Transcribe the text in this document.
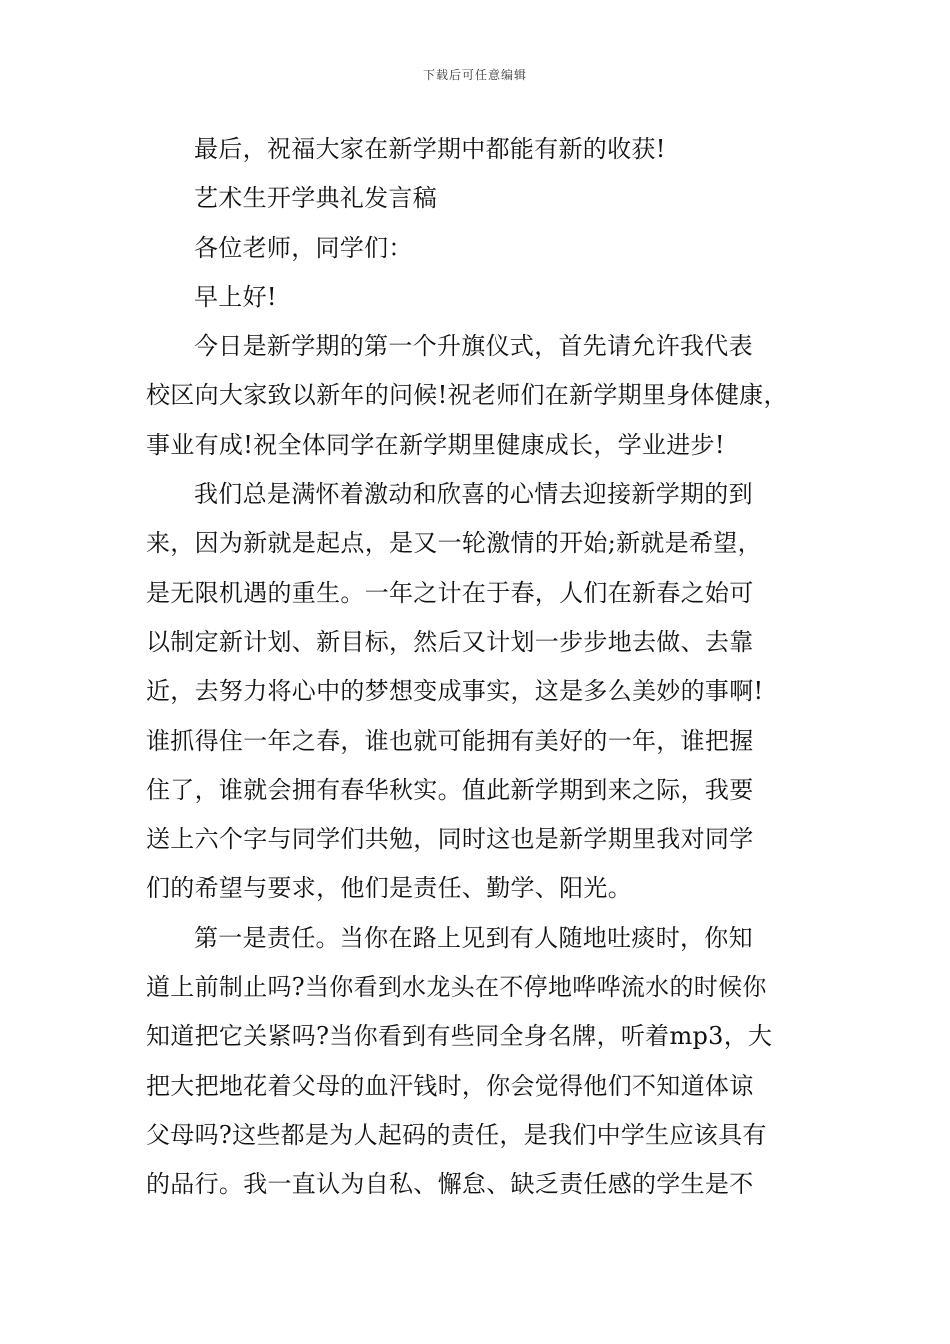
下载后可任意编辑
最后，祝福大家在新学期中都能有新的收获!
艺术生开学典礼发言稿
各位老师，同学们：
早上好!
今日是新学期的第一个升旗仪式，首先请允许我代表
校区向大家致以新年的问候!祝老师们在新学期里身体健康，
事业有成!祝全体同学在新学期里健康成长，学业进步!
我们总是满怀着激动和欣喜的心情去迎接新学期的到
来，因为新就是起点，是又一轮激情的开始;新就是希望，
是无限机遇的重生。一年之计在于春，人们在新春之始可
以制定新计划、新目标，然后又计划一步步地去做、去靠
近，去努力将心中的梦想变成事实，这是多么美妙的事啊!
谁抓得住一年之春，谁也就可能拥有美好的一年，谁把握
住了，谁就会拥有春华秋实。值此新学期到来之际，我要
送上六个字与同学们共勉，同时这也是新学期里我对同学
们的希望与要求，他们是责任、勤学、阳光。
第一是责任。当你在路上见到有人随地吐痰时，你知
道上前制止吗?当你看到水龙头在不停地哗哗流水的时候你
知道把它关紧吗?当你看到有些同全身名牌，听着mp3，大
把大把地花着父母的血汗钱时，你会觉得他们不知道体谅
父母吗?这些都是为人起码的责任，是我们中学生应该具有
的品行。我一直认为自私、懈怠、缺乏责任感的学生是不
